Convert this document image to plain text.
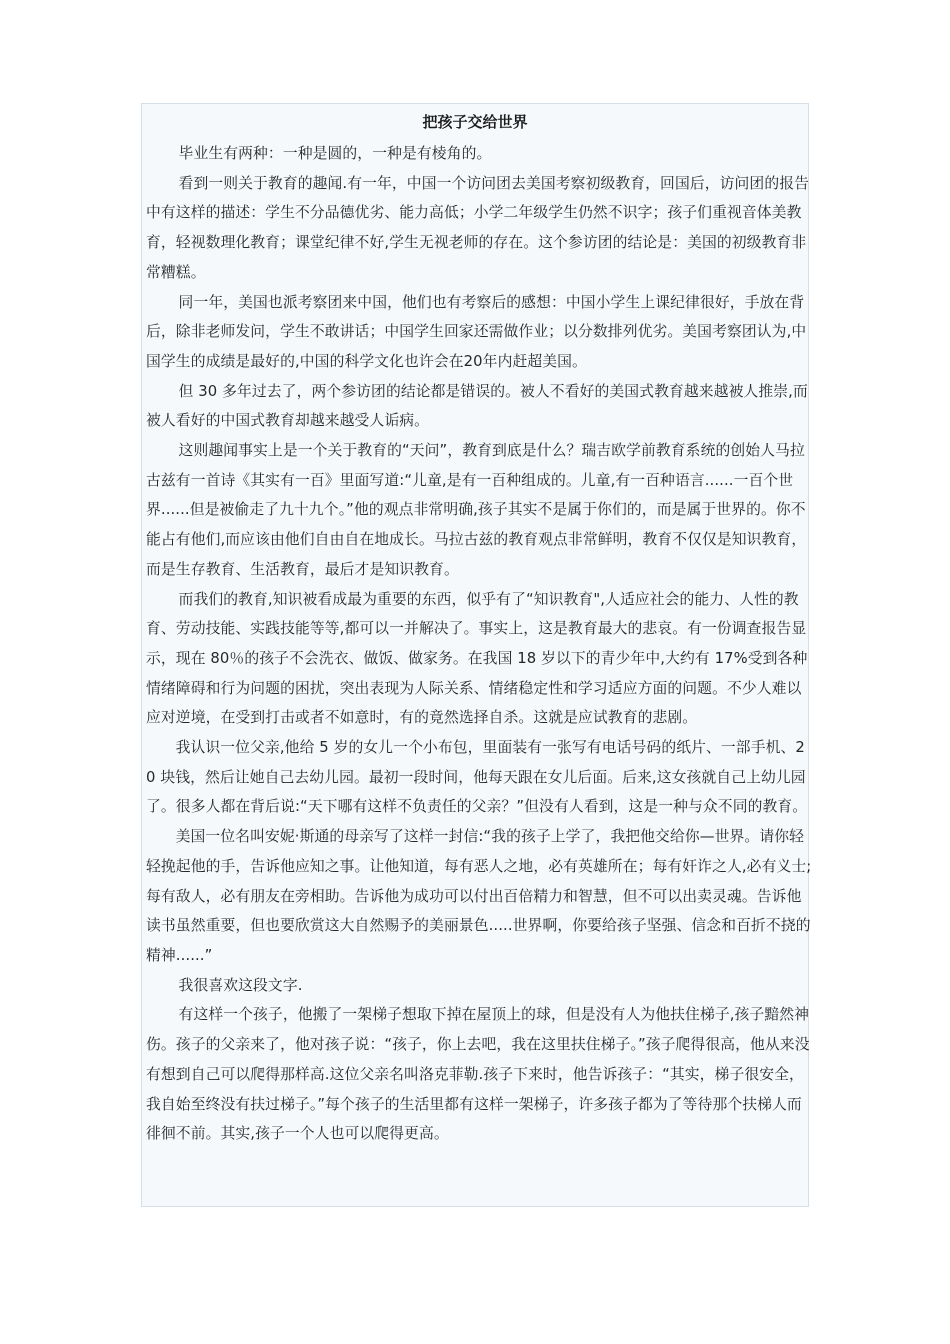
把孩子交给世界

毕业生有两种：一种是圆的，一种是有棱角的。

看到一则关于教育的趣闻.有一年，中国一个访问团去美国考察初级教育，回国后，访问团的报告中有这样的描述：学生不分品德优劣、能力高低；小学二年级学生仍然不识字；孩子们重视音体美教育，轻视数理化教育；课堂纪律不好,学生无视老师的存在。这个参访团的结论是：美国的初级教育非常糟糕。

同一年，美国也派考察团来中国，他们也有考察后的感想：中国小学生上课纪律很好，手放在背后，除非老师发问，学生不敢讲话；中国学生回家还需做作业；以分数排列优劣。美国考察团认为,中国学生的成绩是最好的,中国的科学文化也许会在20年内赶超美国。

但 30 多年过去了，两个参访团的结论都是错误的。被人不看好的美国式教育越来越被人推崇,而被人看好的中国式教育却越来越受人诟病。

这则趣闻事实上是一个关于教育的“天问”，教育到底是什么？瑞吉欧学前教育系统的创始人马拉古兹有一首诗《其实有一百》里面写道:“儿童,是有一百种组成的。儿童,有一百种语言......一百个世界......但是被偷走了九十九个。”他的观点非常明确,孩子其实不是属于你们的，而是属于世界的。你不能占有他们,而应该由他们自由自在地成长。马拉古兹的教育观点非常鲜明，教育不仅仅是知识教育，而是生存教育、生活教育，最后才是知识教育。

而我们的教育,知识被看成最为重要的东西，似乎有了“知识教育",人适应社会的能力、人性的教育、劳动技能、实践技能等等,都可以一并解决了。事实上，这是教育最大的悲哀。有一份调查报告显示，现在 80％的孩子不会洗衣、做饭、做家务。在我国 18 岁以下的青少年中,大约有 17%受到各种情绪障碍和行为问题的困扰，突出表现为人际关系、情绪稳定性和学习适应方面的问题。不少人难以应对逆境，在受到打击或者不如意时，有的竟然选择自杀。这就是应试教育的悲剧。

我认识一位父亲,他给 5 岁的女儿一个小布包，里面装有一张写有电话号码的纸片、一部手机、20 块钱，然后让她自己去幼儿园。最初一段时间，他每天跟在女儿后面。后来,这女孩就自己上幼儿园了。很多人都在背后说:“天下哪有这样不负责任的父亲？”但没有人看到，这是一种与众不同的教育。

美国一位名叫安妮·斯通的母亲写了这样一封信:“我的孩子上学了，我把他交给你—世界。请你轻轻挽起他的手，告诉他应知之事。让他知道，每有恶人之地，必有英雄所在；每有奸诈之人,必有义士;每有敌人，必有朋友在旁相助。告诉他为成功可以付出百倍精力和智慧，但不可以出卖灵魂。告诉他读书虽然重要，但也要欣赏这大自然赐予的美丽景色.....世界啊，你要给孩子坚强、信念和百折不挠的精神......”

我很喜欢这段文字.

有这样一个孩子，他搬了一架梯子想取下掉在屋顶上的球，但是没有人为他扶住梯子,孩子黯然神伤。孩子的父亲来了，他对孩子说：“孩子，你上去吧，我在这里扶住梯子。”孩子爬得很高，他从来没有想到自己可以爬得那样高.这位父亲名叫洛克菲勒.孩子下来时，他告诉孩子：“其实，梯子很安全，我自始至终没有扶过梯子。”每个孩子的生活里都有这样一架梯子，许多孩子都为了等待那个扶梯人而徘徊不前。其实,孩子一个人也可以爬得更高。
